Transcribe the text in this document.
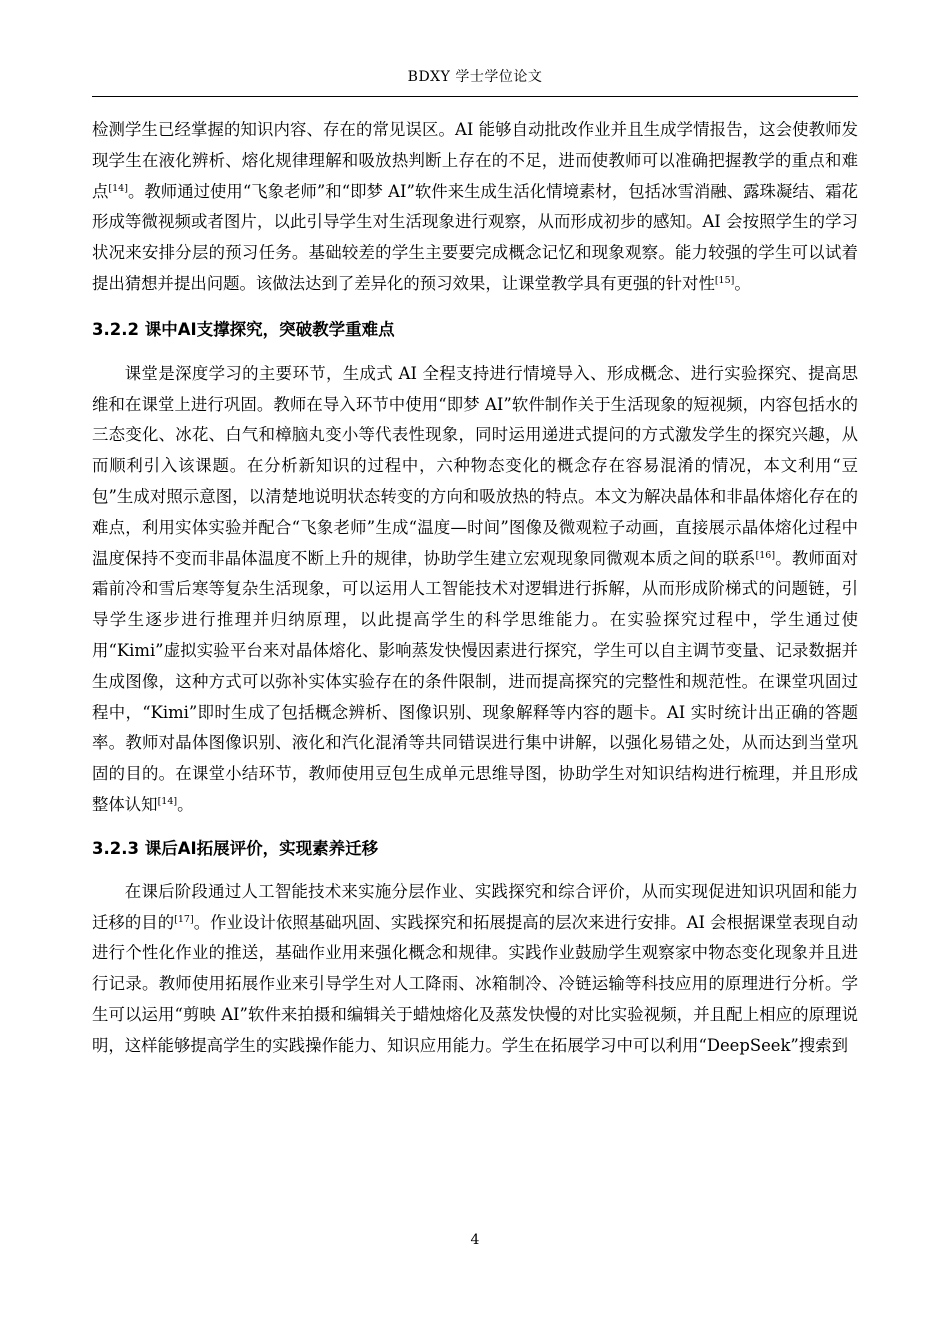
BDXY 学士学位论文

检测学生已经掌握的知识内容、存在的常见误区。AI 能够自动批改作业并且生成学情报告，这会使教师发现学生在液化辨析、熔化规律理解和吸放热判断上存在的不足，进而使教师可以准确把握教学的重点和难点[14]。教师通过使用“飞象老师”和“即梦 AI”软件来生成生活化情境素材，包括冰雪消融、露珠凝结、霜花形成等微视频或者图片，以此引导学生对生活现象进行观察，从而形成初步的感知。AI 会按照学生的学习状况来安排分层的预习任务。基础较差的学生主要要完成概念记忆和现象观察。能力较强的学生可以试着提出猜想并提出问题。该做法达到了差异化的预习效果，让课堂教学具有更强的针对性[15]。

3.2.2 课中AI支撑探究，突破教学重难点

课堂是深度学习的主要环节，生成式 AI 全程支持进行情境导入、形成概念、进行实验探究、提高思维和在课堂上进行巩固。教师在导入环节中使用“即梦 AI”软件制作关于生活现象的短视频，内容包括水的三态变化、冰花、白气和樟脑丸变小等代表性现象，同时运用递进式提问的方式激发学生的探究兴趣，从而顺利引入该课题。在分析新知识的过程中，六种物态变化的概念存在容易混淆的情况，本文利用“豆包”生成对照示意图，以清楚地说明状态转变的方向和吸放热的特点。本文为解决晶体和非晶体熔化存在的难点，利用实体实验并配合“飞象老师”生成“温度—时间”图像及微观粒子动画，直接展示晶体熔化过程中温度保持不变而非晶体温度不断上升的规律，协助学生建立宏观现象同微观本质之间的联系[16]。教师面对霜前冷和雪后寒等复杂生活现象，可以运用人工智能技术对逻辑进行拆解，从而形成阶梯式的问题链，引导学生逐步进行推理并归纳原理，以此提高学生的科学思维能力。在实验探究过程中，学生通过使用“Kimi”虚拟实验平台来对晶体熔化、影响蒸发快慢因素进行探究，学生可以自主调节变量、记录数据并生成图像，这种方式可以弥补实体实验存在的条件限制，进而提高探究的完整性和规范性。在课堂巩固过程中，“Kimi”即时生成了包括概念辨析、图像识别、现象解释等内容的题卡。AI 实时统计出正确的答题率。教师对晶体图像识别、液化和汽化混淆等共同错误进行集中讲解，以强化易错之处，从而达到当堂巩固的目的。在课堂小结环节，教师使用豆包生成单元思维导图，协助学生对知识结构进行梳理，并且形成整体认知[14]。

3.2.3 课后AI拓展评价，实现素养迁移

在课后阶段通过人工智能技术来实施分层作业、实践探究和综合评价，从而实现促进知识巩固和能力迁移的目的[17]。作业设计依照基础巩固、实践探究和拓展提高的层次来进行安排。AI 会根据课堂表现自动进行个性化作业的推送，基础作业用来强化概念和规律。实践作业鼓励学生观察家中物态变化现象并且进行记录。教师使用拓展作业来引导学生对人工降雨、冰箱制冷、冷链运输等科技应用的原理进行分析。学生可以运用“剪映 AI”软件来拍摄和编辑关于蜡烛熔化及蒸发快慢的对比实验视频，并且配上相应的原理说明，这样能够提高学生的实践操作能力、知识应用能力。学生在拓展学习中可以利用“DeepSeek”搜索到

4
